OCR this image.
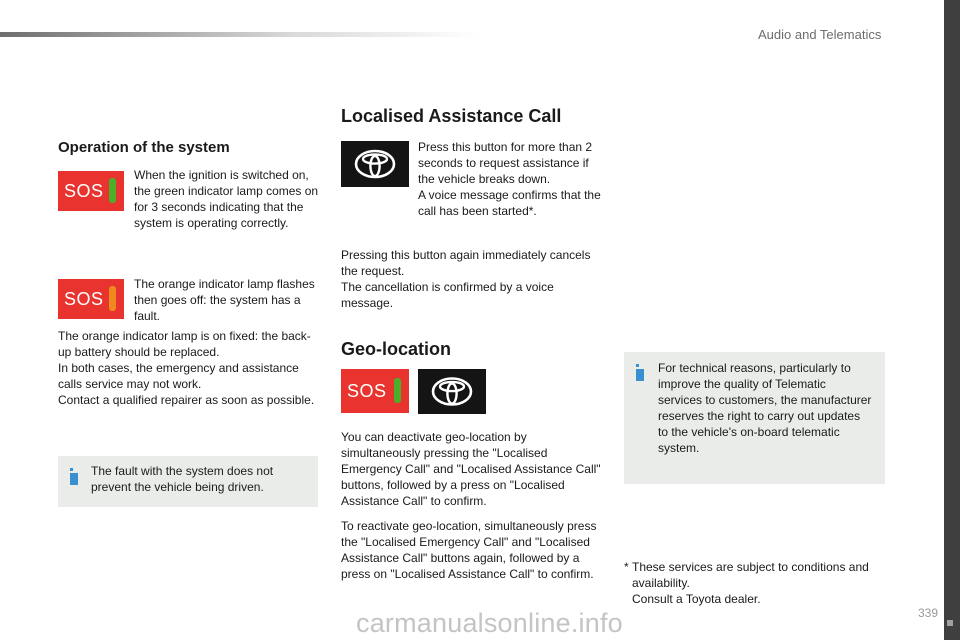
Audio and Telematics
Operation of the system
SOS
When the ignition is switched on, the green indicator lamp comes on for 3 seconds indicating that the system is operating correctly.
SOS
The orange indicator lamp flashes then goes off: the system has a fault.
The orange indicator lamp is on fixed: the back-up battery should be replaced.
In both cases, the emergency and assistance calls service may not work.
Contact a qualified repairer as soon as possible.
The fault with the system does not prevent the vehicle being driven.
Localised Assistance Call
Press this button for more than 2 seconds to request assistance if the vehicle breaks down.
A voice message confirms that the call has been started*.
Pressing this button again immediately cancels the request.
The cancellation is confirmed by a voice message.
Geo-location
SOS
You can deactivate geo-location by simultaneously pressing the "Localised Emergency Call" and "Localised Assistance Call" buttons, followed by a press on "Localised Assistance Call" to confirm.
To reactivate geo-location, simultaneously press the "Localised Emergency Call" and "Localised Assistance Call" buttons again, followed by a press on "Localised Assistance Call" to confirm.
For technical reasons, particularly to improve the quality of Telematic services to customers, the manufacturer reserves the right to carry out updates to the vehicle's on-board telematic system.
* These services are subject to conditions and availability.
Consult a Toyota dealer.
339
carmanualsonline.info
